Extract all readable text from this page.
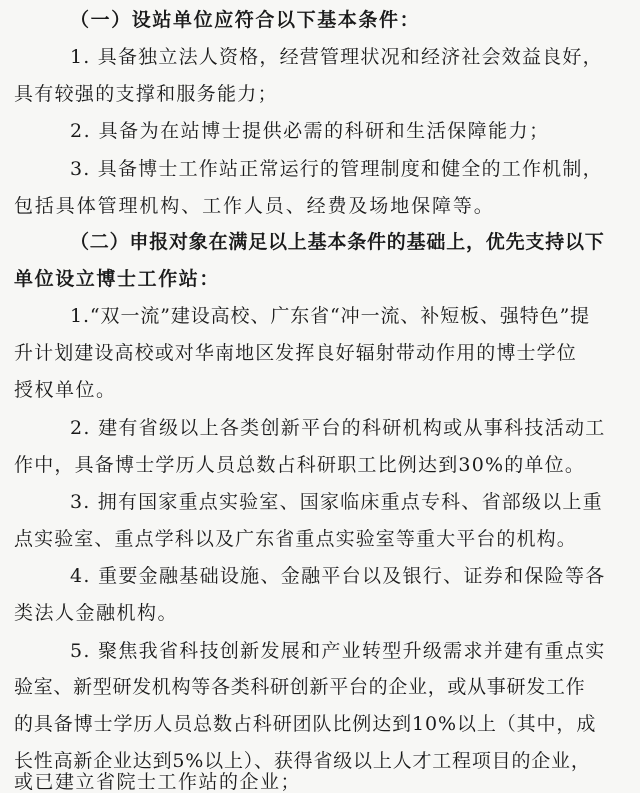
（一）设站单位应符合以下基本条件：
1. 具备独立法人资格，经营管理状况和经济社会效益良好，
具有较强的支撑和服务能力；
2. 具备为在站博士提供必需的科研和生活保障能力；
3. 具备博士工作站正常运行的管理制度和健全的工作机制，
包括具体管理机构、工作人员、经费及场地保障等。
（二）申报对象在满足以上基本条件的基础上，优先支持以下
单位设立博士工作站：
1.“双一流”建设高校、广东省“冲一流、补短板、强特色”提
升计划建设高校或对华南地区发挥良好辐射带动作用的博士学位
授权单位。
2. 建有省级以上各类创新平台的科研机构或从事科技活动工
作中，具备博士学历人员总数占科研职工比例达到30%的单位。
3. 拥有国家重点实验室、国家临床重点专科、省部级以上重
点实验室、重点学科以及广东省重点实验室等重大平台的机构。
4. 重要金融基础设施、金融平台以及银行、证券和保险等各
类法人金融机构。
5. 聚焦我省科技创新发展和产业转型升级需求并建有重点实
验室、新型研发机构等各类科研创新平台的企业，或从事研发工作
的具备博士学历人员总数占科研团队比例达到10%以上（其中，成
长性高新企业达到5%以上）、获得省级以上人才工程项目的企业，
或已建立省院士工作站的企业；
